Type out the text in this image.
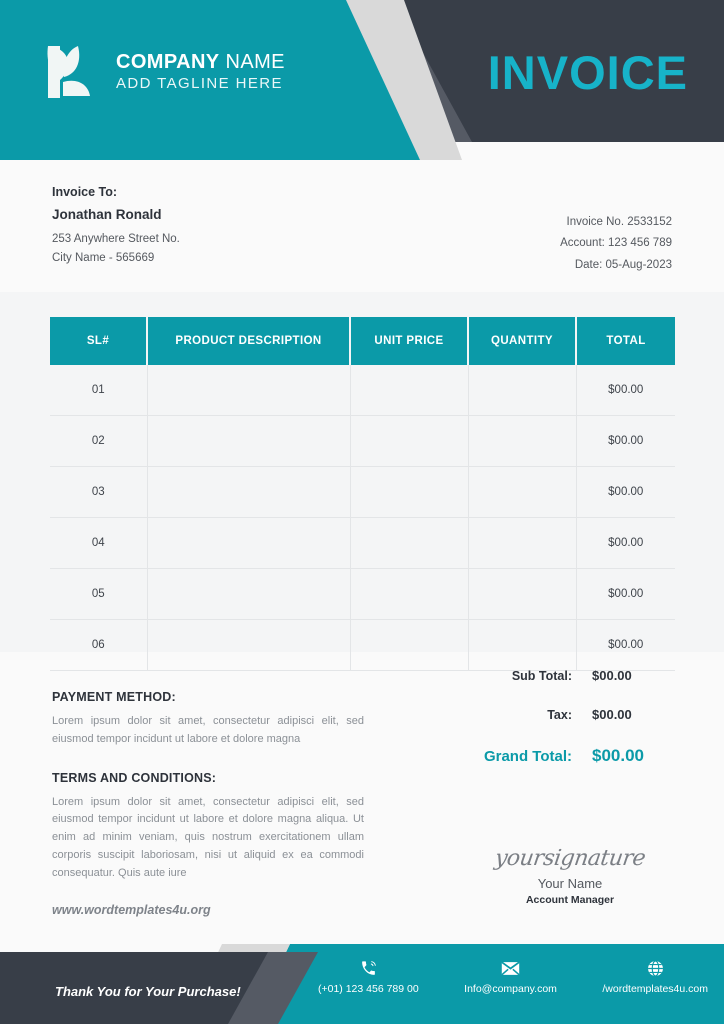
COMPANY NAME
ADD TAGLINE HERE	INVOICE
Invoice To:
Jonathan Ronald
253 Anywhere Street No.
City Name - 565669
Invoice No. 2533152
Account: 123 456 789
Date: 05-Aug-2023
SL#	PRODUCT DESCRIPTION	UNIT PRICE	QUANTITY	TOTAL
01				$00.00
02				$00.00
03				$00.00
04				$00.00
05				$00.00
06				$00.00
Sub Total:	$00.00
Tax:	$00.00
Grand Total:	$00.00
PAYMENT METHOD:
Lorem ipsum dolor sit amet, consectetur adipisci elit, sed eiusmod tempor incidunt ut labore et dolore magna
TERMS AND CONDITIONS:
Lorem ipsum dolor sit amet, consectetur adipisci elit, sed eiusmod tempor incidunt ut labore et dolore magna aliqua. Ut enim ad minim veniam, quis nostrum exercitationem ullam corporis suscipit laboriosam, nisi ut aliquid ex ea commodi consequatur. Quis aute iure
www.wordtemplates4u.org
yoursignature
Your Name
Account Manager
Thank You for Your Purchase!	(+01) 123 456 789 00	Info@company.com	/wordtemplates4u.com
